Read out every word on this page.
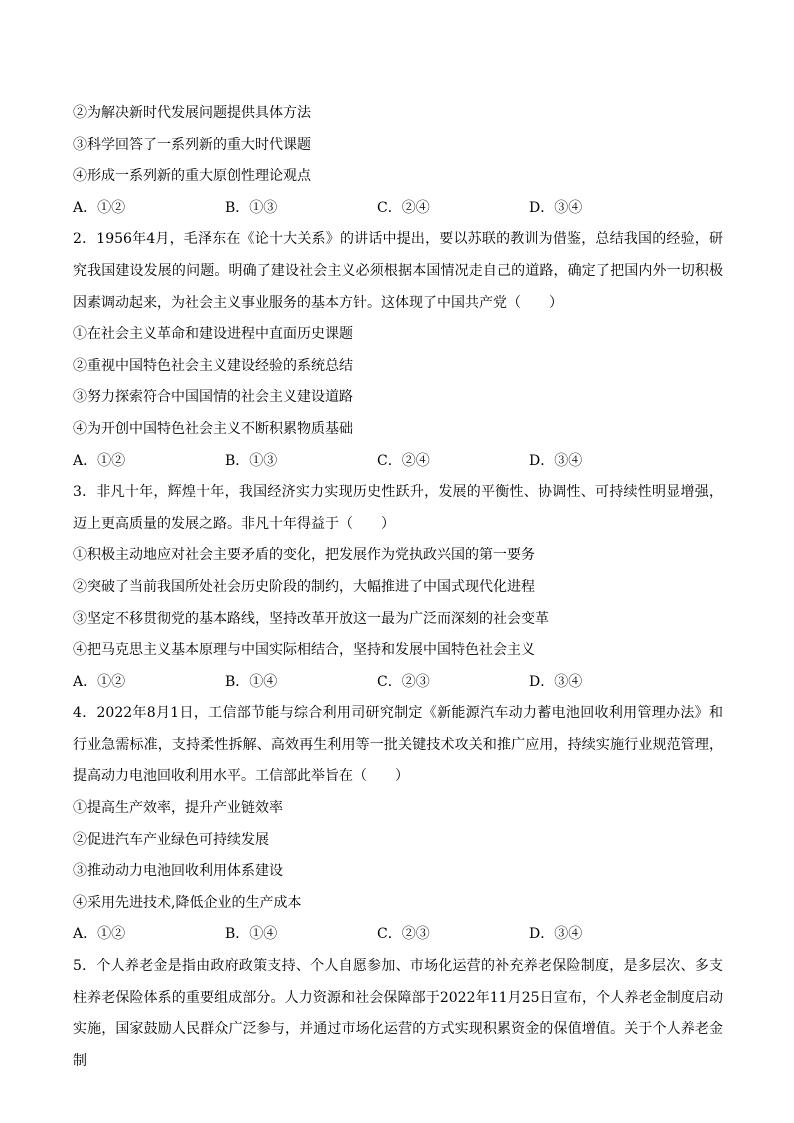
②为解决新时代发展问题提供具体方法
③科学回答了一系列新的重大时代课题
④形成一系列新的重大原创性理论观点
A．①②	B．①③	C．②④	D．③④
2．1956年4月，毛泽东在《论十大关系》的讲话中提出，要以苏联的教训为借鉴，总结我国的经验，研究我国建设发展的问题。明确了建设社会主义必须根据本国情况走自己的道路，确定了把国内外一切积极因素调动起来，为社会主义事业服务的基本方针。这体现了中国共产党（　　）
①在社会主义革命和建设进程中直面历史课题
②重视中国特色社会主义建设经验的系统总结
③努力探索符合中国国情的社会主义建设道路
④为开创中国特色社会主义不断积累物质基础
A．①②	B．①③	C．②④	D．③④
3．非凡十年，辉煌十年，我国经济实力实现历史性跃升，发展的平衡性、协调性、可持续性明显增强，迈上更高质量的发展之路。非凡十年得益于（　　）
①积极主动地应对社会主要矛盾的变化，把发展作为党执政兴国的第一要务
②突破了当前我国所处社会历史阶段的制约，大幅推进了中国式现代化进程
③坚定不移贯彻党的基本路线，坚持改革开放这一最为广泛而深刻的社会变革
④把马克思主义基本原理与中国实际相结合，坚持和发展中国特色社会主义
A．①②	B．①④	C．②③	D．③④
4．2022年8月1日，工信部节能与综合利用司研究制定《新能源汽车动力蓄电池回收利用管理办法》和行业急需标准，支持柔性拆解、高效再生利用等一批关键技术攻关和推广应用，持续实施行业规范管理，提高动力电池回收利用水平。工信部此举旨在（　　）
①提高生产效率，提升产业链效率
②促进汽车产业绿色可持续发展
③推动动力电池回收利用体系建设
④采用先进技术,降低企业的生产成本
A．①②	B．①④	C．②③	D．③④
5．个人养老金是指由政府政策支持、个人自愿参加、市场化运营的补充养老保险制度，是多层次、多支柱养老保险体系的重要组成部分。人力资源和社会保障部于2022年11月25日宣布，个人养老金制度启动实施，国家鼓励人民群众广泛参与，并通过市场化运营的方式实现积累资金的保值增值。关于个人养老金制
